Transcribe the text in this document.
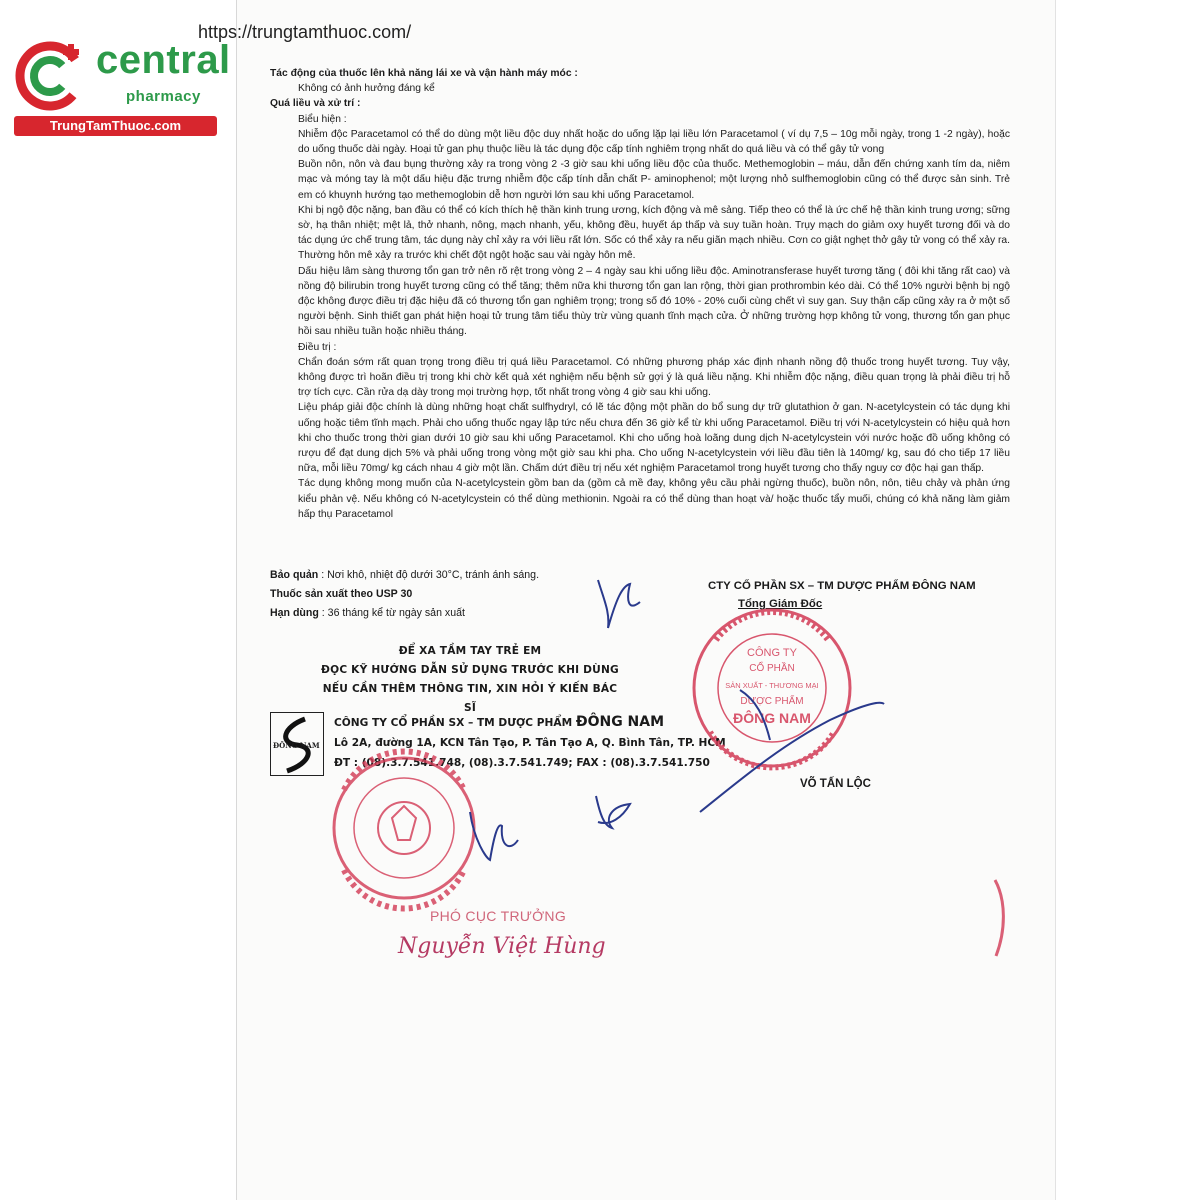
https://trungtamthuoc.com/
central
pharmacy
TrungTamThuoc.com

Tác động của thuốc lên khả năng lái xe và vận hành máy móc :

Không có ảnh hưởng đáng kể

Quá liều và xử trí :

Biểu hiện :

Nhiễm độc Paracetamol có thể do dùng một liều độc duy nhất hoặc do uống lặp lại liều lớn Paracetamol ( ví dụ 7,5 – 10g mỗi ngày, trong 1 -2 ngày), hoặc do uống thuốc dài ngày. Hoại tử gan phụ thuộc liều là tác dụng độc cấp tính nghiêm trọng nhất do quá liều và có thể gây tử vong

Buồn nôn, nôn và đau bụng thường xảy ra trong vòng 2 -3 giờ sau khi uống liều độc của thuốc. Methemoglobin – máu, dẫn đến chứng xanh tím da, niêm mạc và móng tay là một dấu hiệu đặc trưng nhiễm độc cấp tính dẫn chất P- aminophenol; một lượng nhỏ sulfhemoglobin cũng có thể được sản sinh. Trẻ em có khuynh hướng tạo methemoglobin dễ hơn người lớn sau khi uống Paracetamol.

Khi bị ngộ độc nặng, ban đầu có thể có kích thích hệ thần kinh trung ương, kích động và mê sảng. Tiếp theo có thể là ức chế hệ thần kinh trung ương; sững sờ, hạ thân nhiệt; mệt lả, thở nhanh, nông, mạch nhanh, yếu, không đều, huyết áp thấp và suy tuần hoàn. Trụy mạch do giảm oxy huyết tương đối và do tác dụng ức chế trung tâm, tác dụng này chỉ xảy ra với liều rất lớn. Sốc có thể xảy ra nếu giãn mạch nhiều. Cơn co giật nghẹt thở gây tử vong có thể xảy ra. Thường hôn mê xảy ra trước khi chết đột ngột hoặc sau vài ngày hôn mê.

Dấu hiệu lâm sàng thương tổn gan trở nên rõ rệt trong vòng 2 – 4 ngày sau khi uống liều độc. Aminotransferase huyết tương tăng ( đôi khi tăng rất cao) và nồng độ bilirubin trong huyết tương cũng có thể tăng; thêm nữa khi thương tổn gan lan rộng, thời gian prothrombin kéo dài. Có thể 10% người bệnh bị ngộ độc không được điều trị đặc hiệu đã có thương tổn gan nghiêm trọng; trong số đó 10% - 20% cuối cùng chết vì suy gan. Suy thận cấp cũng xảy ra ở một số người bệnh. Sinh thiết gan phát hiện hoại tử trung tâm tiểu thùy trừ vùng quanh tĩnh mạch cửa. Ở những trường hợp không tử vong, thương tổn gan phục hồi sau nhiều tuần hoặc nhiều tháng.

Điều trị :

Chẩn đoán sớm rất quan trọng trong điều trị quá liều Paracetamol. Có những phương pháp xác định nhanh nồng độ thuốc trong huyết tương. Tuy vậy, không được trì hoãn điều trị trong khi chờ kết quả xét nghiệm nếu bệnh sử gợi ý là quá liều nặng. Khi nhiễm độc nặng, điều quan trọng là phải điều trị hỗ trợ tích cực. Cần rửa dạ dày trong mọi trường hợp, tốt nhất trong vòng 4 giờ sau khi uống.

Liệu pháp giải độc chính là dùng những hoạt chất sulfhydryl, có lẽ tác động một phần do bổ sung dự trữ glutathion ở gan. N-acetylcystein có tác dụng khi uống hoặc tiêm tĩnh mạch. Phải cho uống thuốc ngay lập tức nếu chưa đến 36 giờ kể từ khi uống Paracetamol. Điều trị với N-acetylcystein có hiệu quả hơn khi cho thuốc trong thời gian dưới 10 giờ sau khi uống Paracetamol. Khi cho uống hoà loãng dung dịch N-acetylcystein với nước hoặc đồ uống không có rượu để đạt dung dịch 5% và phải uống trong vòng một giờ sau khi pha. Cho uống N-acetylcystein với liều đầu tiên là 140mg/ kg, sau đó cho tiếp 17 liều nữa, mỗi liều 70mg/ kg cách nhau 4 giờ một lần. Chấm dứt điều trị nếu xét nghiệm Paracetamol trong huyết tương cho thấy nguy cơ độc hại gan thấp.

Tác dụng không mong muốn của N-acetylcystein gồm ban da (gồm cả mề đay, không yêu cầu phải ngừng thuốc), buồn nôn, nôn, tiêu chảy và phản ứng kiểu phản vệ. Nếu không có N-acetylcystein có thể dùng methionin. Ngoài ra có thể dùng than hoạt và/ hoặc thuốc tẩy muối, chúng có khả năng làm giảm hấp thụ Paracetamol

Bảo quản : Nơi khô, nhiệt độ dưới 30°C, tránh ánh sáng.
Thuốc sản xuất theo USP 30
Hạn dùng : 36 tháng kể từ ngày sản xuất
CTY CỔ PHẦN SX – TM DƯỢC PHẨM ĐÔNG NAM
Tổng Giám Đốc
ĐỂ XA TẦM TAY TRẺ EM
ĐỌC KỸ HƯỚNG DẪN SỬ DỤNG TRƯỚC KHI DÙNG
NẾU CẦN THÊM THÔNG TIN, XIN HỎI Ý KIẾN BÁC SĨ
ĐÔNG NAM
CÔNG TY CỔ PHẦN SX – TM DƯỢC PHẨM ĐÔNG NAM
Lô 2A, đường 1A, KCN Tân Tạo, P. Tân Tạo A, Q. Bình Tân, TP. HCM
ĐT : (08).3.7.541.748, (08).3.7.541.749; FAX : (08).3.7.541.750
VÕ TẤN LỘC
PHÓ CỤC TRƯỞNG
Nguyễn Việt Hùng
CÔNG TY
CỔ PHẦN
SẢN XUẤT - THƯƠNG MẠI
DƯỢC PHẨM
ĐÔNG NAM
